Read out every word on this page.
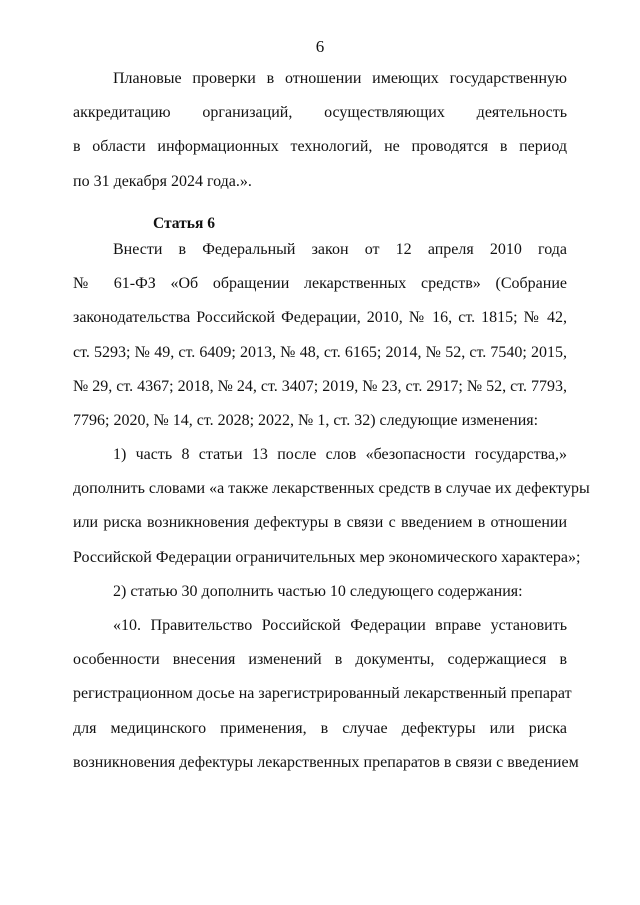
6
Плановые проверки в отношении имеющих государственную
аккредитацию организаций, осуществляющих деятельность
в области информационных технологий, не проводятся в период
по 31 декабря 2024 года.».
Статья 6
Внести в Федеральный закон от 12 апреля 2010 года
№ 61-ФЗ «Об обращении лекарственных средств» (Собрание
законодательства Российской Федерации, 2010, № 16, ст. 1815; № 42,
ст. 5293; № 49, ст. 6409; 2013, № 48, ст. 6165; 2014, № 52, ст. 7540; 2015,
№ 29, ст. 4367; 2018, № 24, ст. 3407; 2019, № 23, ст. 2917; № 52, ст. 7793,
7796; 2020, № 14, ст. 2028; 2022, № 1, ст. 32) следующие изменения:
1) часть 8 статьи 13 после слов «безопасности государства,»
дополнить словами «а также лекарственных средств в случае их дефектуры
или риска возникновения дефектуры в связи с введением в отношении
Российской Федерации ограничительных мер экономического характера»;
2) статью 30 дополнить частью 10 следующего содержания:
«10. Правительство Российской Федерации вправе установить
особенности внесения изменений в документы, содержащиеся в
регистрационном досье на зарегистрированный лекарственный препарат
для медицинского применения, в случае дефектуры или риска
возникновения дефектуры лекарственных препаратов в связи с введением
